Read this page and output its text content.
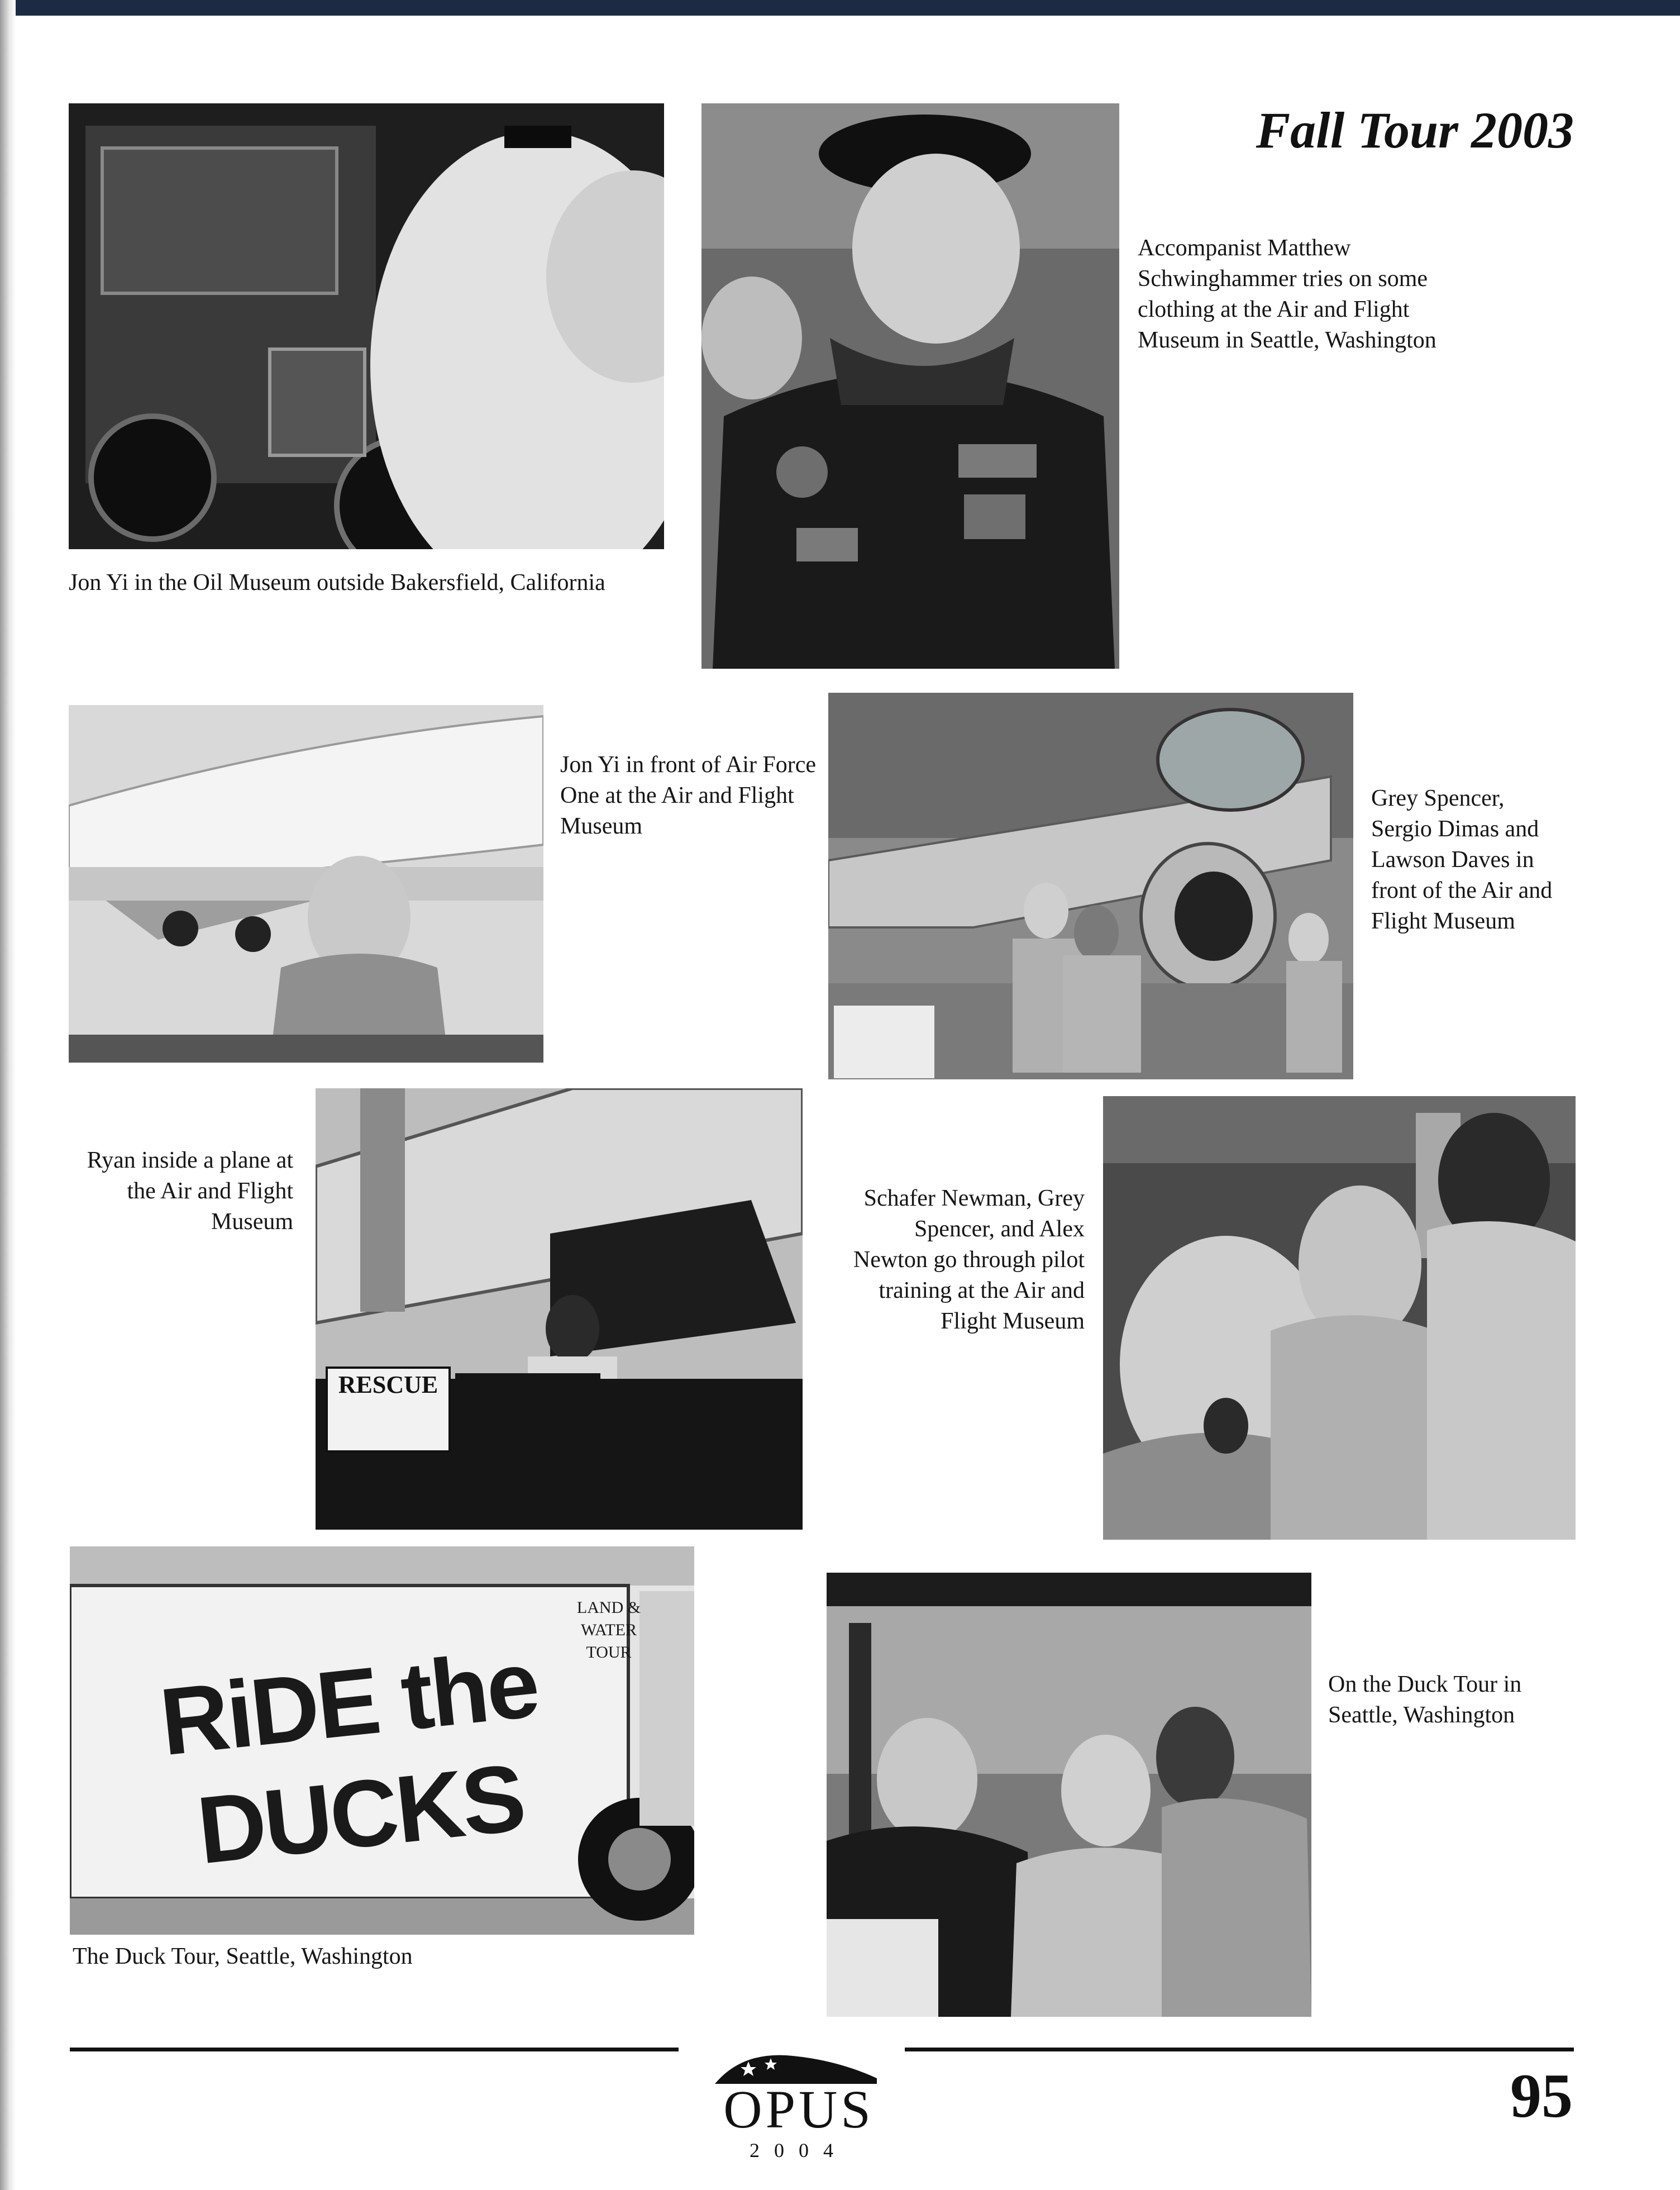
Fall Tour 2003
Jon Yi in the Oil Museum outside Bakersfield, California
Accompanist Matthew Schwinghammer tries on some clothing at the Air and Flight Museum in Seattle, Washington
Jon Yi in front of Air Force One at the Air and Flight Museum
Grey Spencer, Sergio Dimas and Lawson Daves in front of the Air and Flight Museum
Ryan inside a plane at the Air and Flight Museum
RESCUE
Schafer Newman, Grey Spencer, and Alex Newton go through pilot training at the Air and Flight Museum
RiDE the DUCKS
LAND & WATER TOUR
The Duck Tour, Seattle, Washington
On the Duck Tour in Seattle, Washington
OPUS
2004
95
